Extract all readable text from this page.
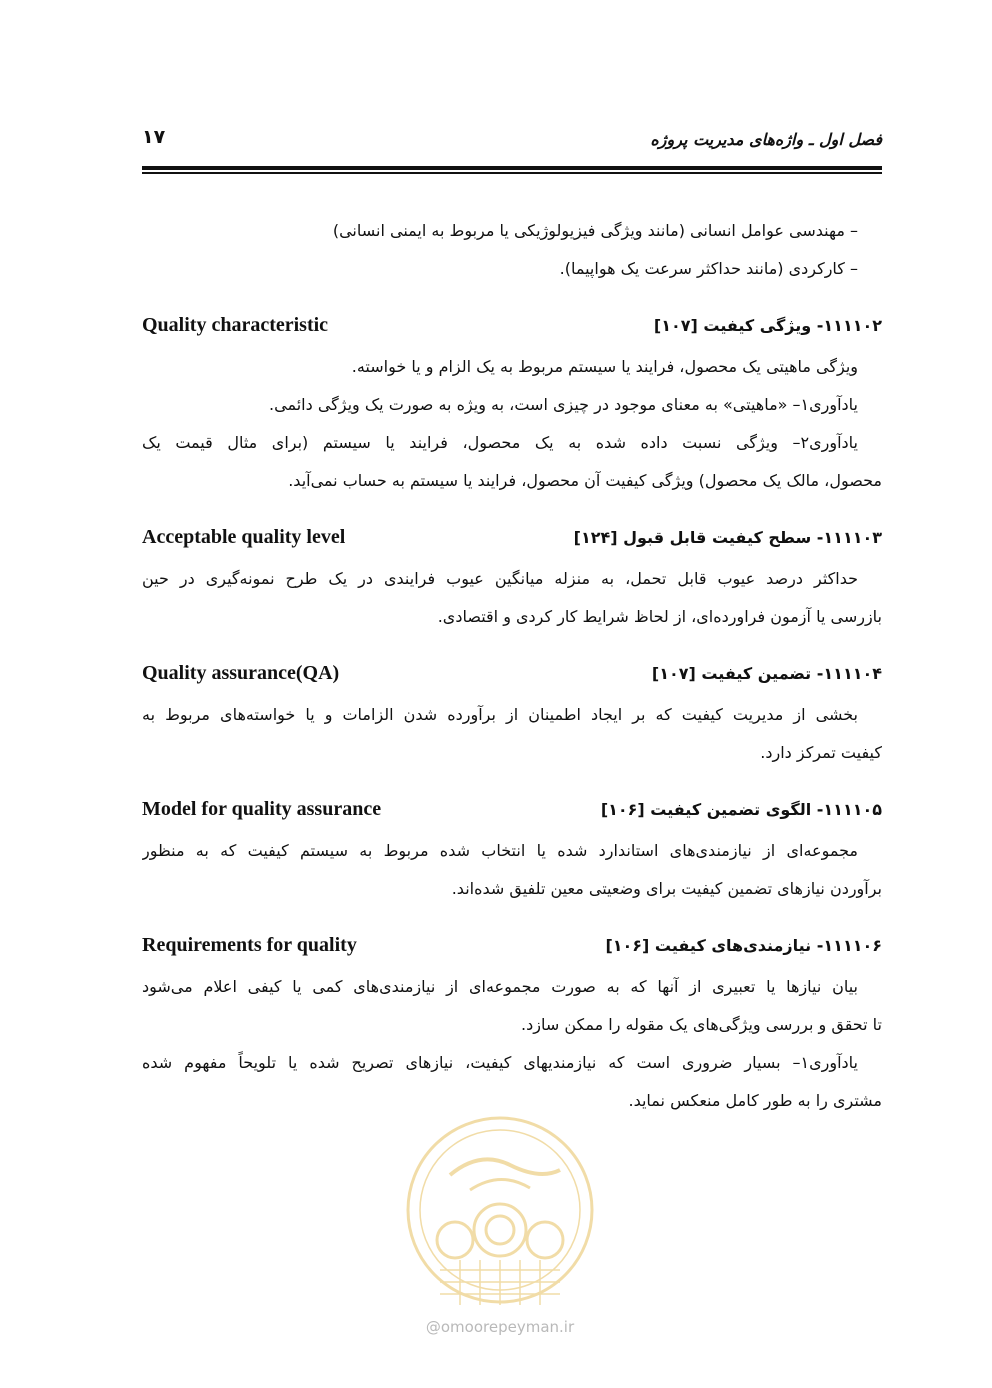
فصل اول ـ واژه‌های مدیریت پروژه
۱۷
– مهندسی عوامل انسانی (مانند ویژگی فیزیولوژیکی یا مربوط به ایمنی انسانی)
– کارکردی (مانند حداکثر سرعت یک هواپیما).
۱۱۱۱۰۲- ویژگی کیفیت [۱۰۷]
Quality characteristic
ویژگی ماهیتی یک محصول، فرایند یا سیستم مربوط به یک الزام و یا خواسته.
یادآوری۱– «ماهیتی» به معنای موجود در چیزی است، به ویژه به صورت یک ویژگی دائمی.
یادآوری۲– ویژگی نسبت داده شده به یک محصول، فرایند یا سیستم (برای مثال قیمت یک
محصول، مالک یک محصول) ویژگی کیفیت آن محصول، فرایند یا سیستم به حساب نمی‌آید.
۱۱۱۱۰۳- سطح کیفیت قابل قبول [۱۲۴]
Acceptable quality level
حداکثر درصد عیوب قابل تحمل، به منزله میانگین عیوب فرایندی در یک طرح نمونه‌گیری در حین
بازرسی یا آزمون فراورده‌ای، از لحاظ شرایط کار کردی و اقتصادی.
۱۱۱۱۰۴- تضمین کیفیت [۱۰۷]
Quality assurance(QA)
بخشی از مدیریت کیفیت که بر ایجاد اطمینان از برآورده شدن الزامات و یا خواسته‌های مربوط به
کیفیت تمرکز دارد.
۱۱۱۱۰۵- الگوی تضمین کیفیت [۱۰۶]
Model for quality assurance
مجموعه‌ای از نیازمندی‌های استاندارد شده یا انتخاب شده مربوط به سیستم کیفیت که به منظور
برآوردن نیازهای تضمین کیفیت برای وضعیتی معین تلفیق شده‌اند.
۱۱۱۱۰۶- نیازمندی‌های کیفیت [۱۰۶]
Requirements for quality
بیان نیازها یا تعبیری از آنها که به صورت مجموعه‌ای از نیازمندی‌های کمی یا کیفی اعلام می‌شود
تا تحقق و بررسی ویژگی‌های یک مقوله را ممکن سازد.
یادآوری۱– بسیار ضروری است که نیازمندیهای کیفیت، نیازهای تصریح شده یا تلویحاً مفهوم شده
مشتری را به طور کامل منعکس نماید.
@omoorepeyman.ir
